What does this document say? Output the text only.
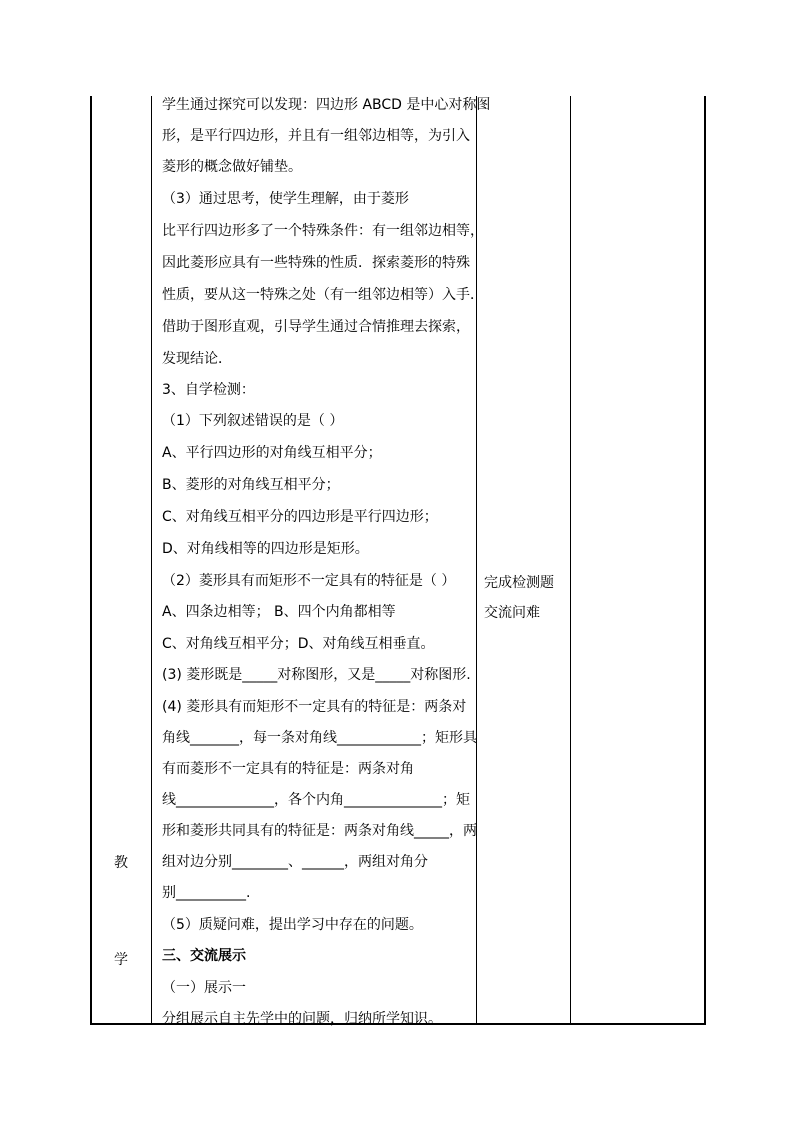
教
学
完成检测题
交流问难
学生通过探究可以发现：四边形 ABCD 是中心对称图
形，是平行四边形，并且有一组邻边相等，为引入
菱形的概念做好铺垫。
（3）通过思考，使学生理解，由于菱形
比平行四边形多了一个特殊条件：有一组邻边相等，
因此菱形应具有一些特殊的性质．探索菱形的特殊
性质，要从这一特殊之处（有一组邻边相等）入手．
借助于图形直观，引导学生通过合情推理去探索，
发现结论．
3、自学检测：
（1）下列叙述错误的是（ ）
A、平行四边形的对角线互相平分；
B、菱形的对角线互相平分；
C、对角线互相平分的四边形是平行四边形；
D、对角线相等的四边形是矩形。
（2）菱形具有而矩形不一定具有的特征是（ ）
A、四条边相等； B、四个内角都相等
C、对角线互相平分；D、对角线互相垂直。
(3) 菱形既是_____对称图形，又是_____对称图形.
(4) 菱形具有而矩形不一定具有的特征是：两条对
角线_______，每一条对角线____________；矩形具
有而菱形不一定具有的特征是：两条对角
线______________，各个内角______________；矩
形和菱形共同具有的特征是：两条对角线_____，两
组对边分别________、______，两组对角分
别__________.
（5）质疑问难，提出学习中存在的问题。
三、交流展示
（一）展示一
分组展示自主先学中的问题，归纳所学知识。
